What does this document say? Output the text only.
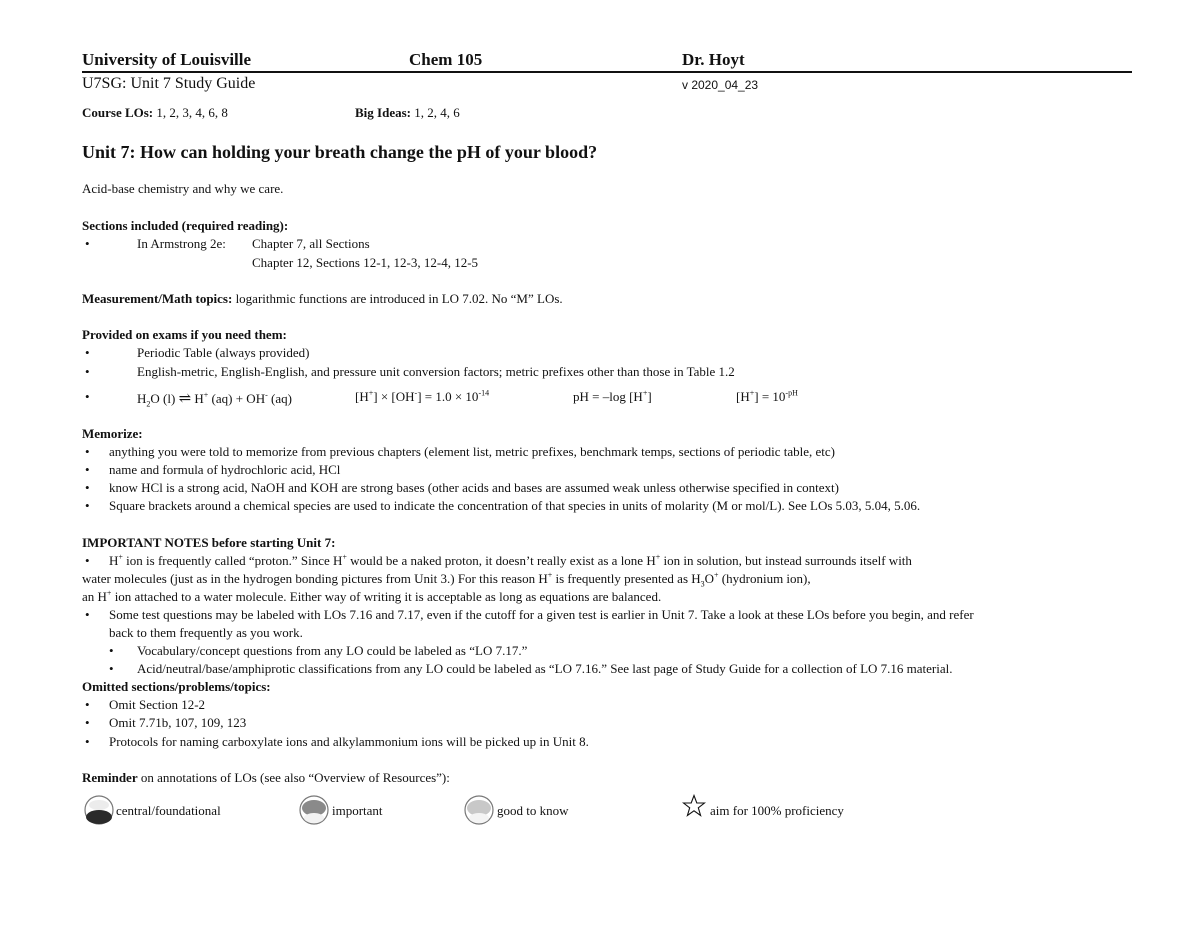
University of Louisville	Chem 105	Dr. Hoyt
U7SG: Unit 7 Study Guide	v 2020_04_23
Course LOs: 1, 2, 3, 4, 6, 8	Big Ideas: 1, 2, 4, 6
Unit 7: How can holding your breath change the pH of your blood?
Acid-base chemistry and why we care.
Sections included (required reading):
•	In Armstrong 2e: Chapter 7, all Sections
Chapter 12, Sections 12-1, 12-3, 12-4, 12-5
Measurement/Math topics: logarithmic functions are introduced in LO 7.02. No “M” LOs.
Provided on exams if you need them:
•	Periodic Table (always provided)
•	English-metric, English-English, and pressure unit conversion factors; metric prefixes other than those in Table 1.2
•	$H_2O$ (l) ⇌ H+ (aq) + OH- (aq)	$[H^+] \times [OH^-] = 1.0 \times 10^{-14}$	pH = –log [H+]	$[H^+] = 10^{-pH}$
Memorize:
• anything you were told to memorize from previous chapters (element list, metric prefixes, benchmark temps, sections of periodic table, etc)
• name and formula of hydrochloric acid, HCl
• know HCl is a strong acid, NaOH and KOH are strong bases (other acids and bases are assumed weak unless otherwise specified in context)
• Square brackets around a chemical species are used to indicate the concentration of that species in units of molarity (M or mol/L). See LOs 5.03, 5.04, 5.06.
IMPORTANT NOTES before starting Unit 7:
• H+ ion is frequently called “proton.” Since H+ would be a naked proton, it doesn’t really exist as a lone H+ ion in solution, but instead surrounds itself with
water molecules (just as in the hydrogen bonding pictures from Unit 3.) For this reason H+ is frequently presented as $H_3O^+$ (hydronium ion),
an H+ ion attached to a water molecule. Either way of writing it is acceptable as long as equations are balanced.
• Some test questions may be labeled with LOs 7.16 and 7.17, even if the cutoff for a given test is earlier in Unit 7. Take a look at these LOs before you begin, and refer
back to them frequently as you work.
• Vocabulary/concept questions from any LO could be labeled as “LO 7.17.”
• Acid/neutral/base/amphiprotic classifications from any LO could be labeled as “LO 7.16.” See last page of Study Guide for a collection of LO 7.16 material.
Omitted sections/problems/topics:
• Omit Section 12-2
• Omit 7.71b, 107, 109, 123
• Protocols for naming carboxylate ions and alkylammonium ions will be picked up in Unit 8.
Reminder on annotations of LOs (see also “Overview of Resources”):
central/foundational	important	good to know	aim for 100% proficiency
